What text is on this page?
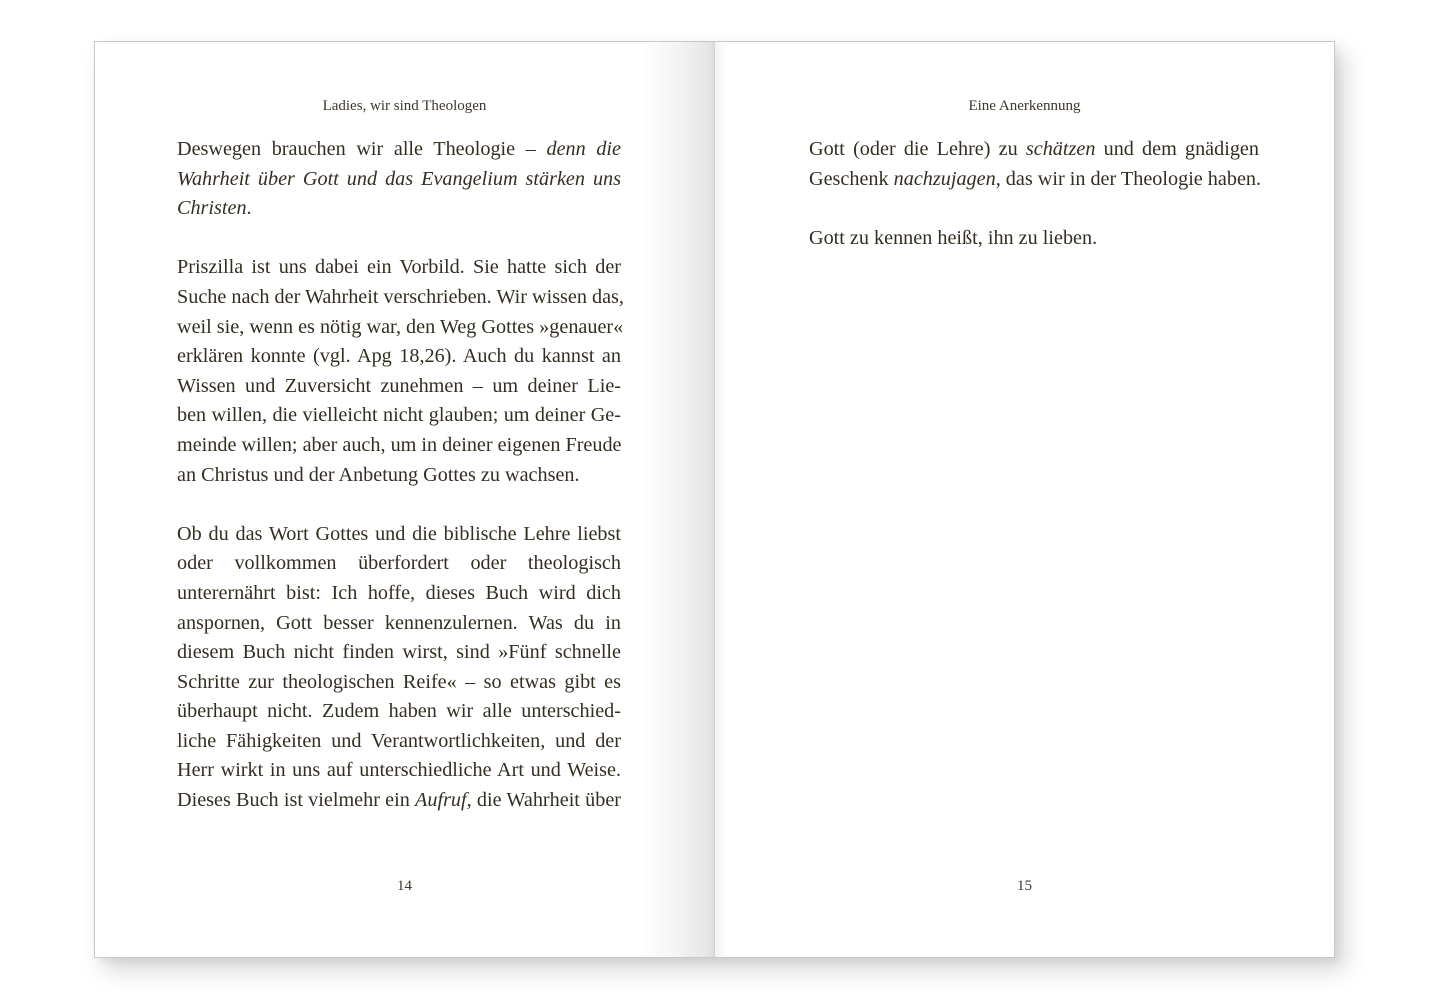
Ladies, wir sind Theologen
Deswegen brauchen wir alle Theologie – denn die
Wahrheit über Gott und das Evangelium stärken uns
Christen.
Priszilla ist uns dabei ein Vorbild. Sie hatte sich der
Suche nach der Wahrheit verschrieben. Wir wissen das,
weil sie, wenn es nötig war, den Weg Gottes »genauer«
erklären konnte (vgl. Apg 18,26). Auch du kannst an
Wissen und Zuversicht zunehmen – um deiner Lie-
ben willen, die vielleicht nicht glauben; um deiner Ge-
meinde willen; aber auch, um in deiner eigenen Freude
an Christus und der Anbetung Gottes zu wachsen.
Ob du das Wort Gottes und die biblische Lehre liebst
oder vollkommen überfordert oder theologisch
unterernährt bist: Ich hoffe, dieses Buch wird dich
anspornen, Gott besser kennenzulernen. Was du in
diesem Buch nicht finden wirst, sind »Fünf schnelle
Schritte zur theologischen Reife« – so etwas gibt es
überhaupt nicht. Zudem haben wir alle unterschied-
liche Fähigkeiten und Verantwortlichkeiten, und der
Herr wirkt in uns auf unterschiedliche Art und Weise.
Dieses Buch ist vielmehr ein Aufruf, die Wahrheit über
14
Eine Anerkennung
Gott (oder die Lehre) zu schätzen und dem gnädigen
Geschenk nachzujagen, das wir in der Theologie haben.
Gott zu kennen heißt, ihn zu lieben.
15
